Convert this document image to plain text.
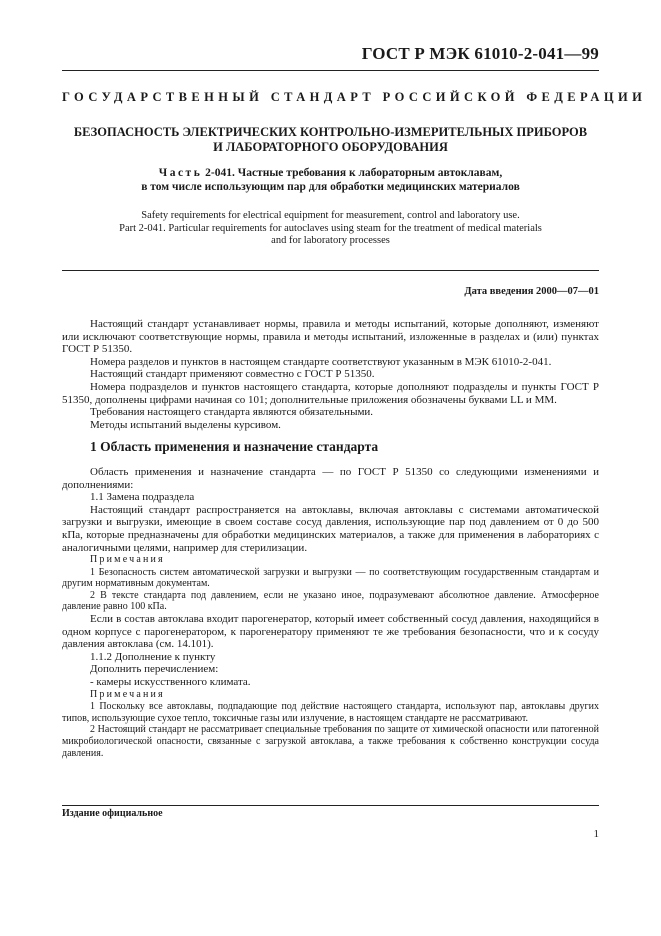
ГОСТ Р МЭК 61010-2-041—99
ГОСУДАРСТВЕННЫЙ СТАНДАРТ РОССИЙСКОЙ ФЕДЕРАЦИИ
БЕЗОПАСНОСТЬ ЭЛЕКТРИЧЕСКИХ КОНТРОЛЬНО-ИЗМЕРИТЕЛЬНЫХ ПРИБОРОВ
И ЛАБОРАТОРНОГО ОБОРУДОВАНИЯ
Часть 2-041. Частные требования к лабораторным автоклавам,
в том числе использующим пар для обработки медицинских материалов
Safety requirements for electrical equipment for measurement, control and laboratory use.
Part 2-041. Particular requirements for autoclaves using steam for the treatment of medical materials
and for laboratory processes
Дата введения 2000—07—01

Настоящий стандарт устанавливает нормы, правила и методы испытаний, которые дополняют, изменяют или исключают соответствующие нормы, правила и методы испытаний, изложенные в разделах и (или) пунктах ГОСТ Р 51350.

Номера разделов и пунктов в настоящем стандарте соответствуют указанным в МЭК 61010-2-041.

Настоящий стандарт применяют совместно с ГОСТ Р 51350.

Номера подразделов и пунктов настоящего стандарта, которые дополняют подразделы и пункты ГОСТ Р 51350, дополнены цифрами начиная со 101; дополнительные приложения обозначены буквами LL и MM.

Требования настоящего стандарта являются обязательными.

Методы испытаний выделены курсивом.

1 Область применения и назначение стандарта

Область применения и назначение стандарта — по ГОСТ Р 51350 со следующими изменениями и дополнениями:

1.1 Замена подраздела

Настоящий стандарт распространяется на автоклавы, включая автоклавы с системами автоматической загрузки и выгрузки, имеющие в своем составе сосуд давления, использующие пар под давлением от 0 до 500 кПа, которые предназначены для обработки медицинских материалов, а также для применения в лабораториях с аналогичными целями, например для стерилизации.

Примечания

1 Безопасность систем автоматической загрузки и выгрузки — по соответствующим государственным стандартам и другим нормативным документам.

2 В тексте стандарта под давлением, если не указано иное, подразумевают абсолютное давление. Атмосферное давление равно 100 кПа.

Если в состав автоклава входит парогенератор, который имеет собственный сосуд давления, находящийся в одном корпусе с парогенератором, к парогенератору применяют те же требования безопасности, что и к сосуду давления автоклава (см. 14.101).

1.1.2 Дополнение к пункту

Дополнить перечислением:

- камеры искусственного климата.

Примечания

1 Поскольку все автоклавы, подпадающие под действие настоящего стандарта, используют пар, автоклавы других типов, использующие сухое тепло, токсичные газы или излучение, в настоящем стандарте не рассматривают.

2 Настоящий стандарт не рассматривает специальные требования по защите от химической опасности или патогенной микробиологической опасности, связанные с загрузкой автоклава, а также требования к собственно конструкции сосуда давления.

Издание официальное
1
